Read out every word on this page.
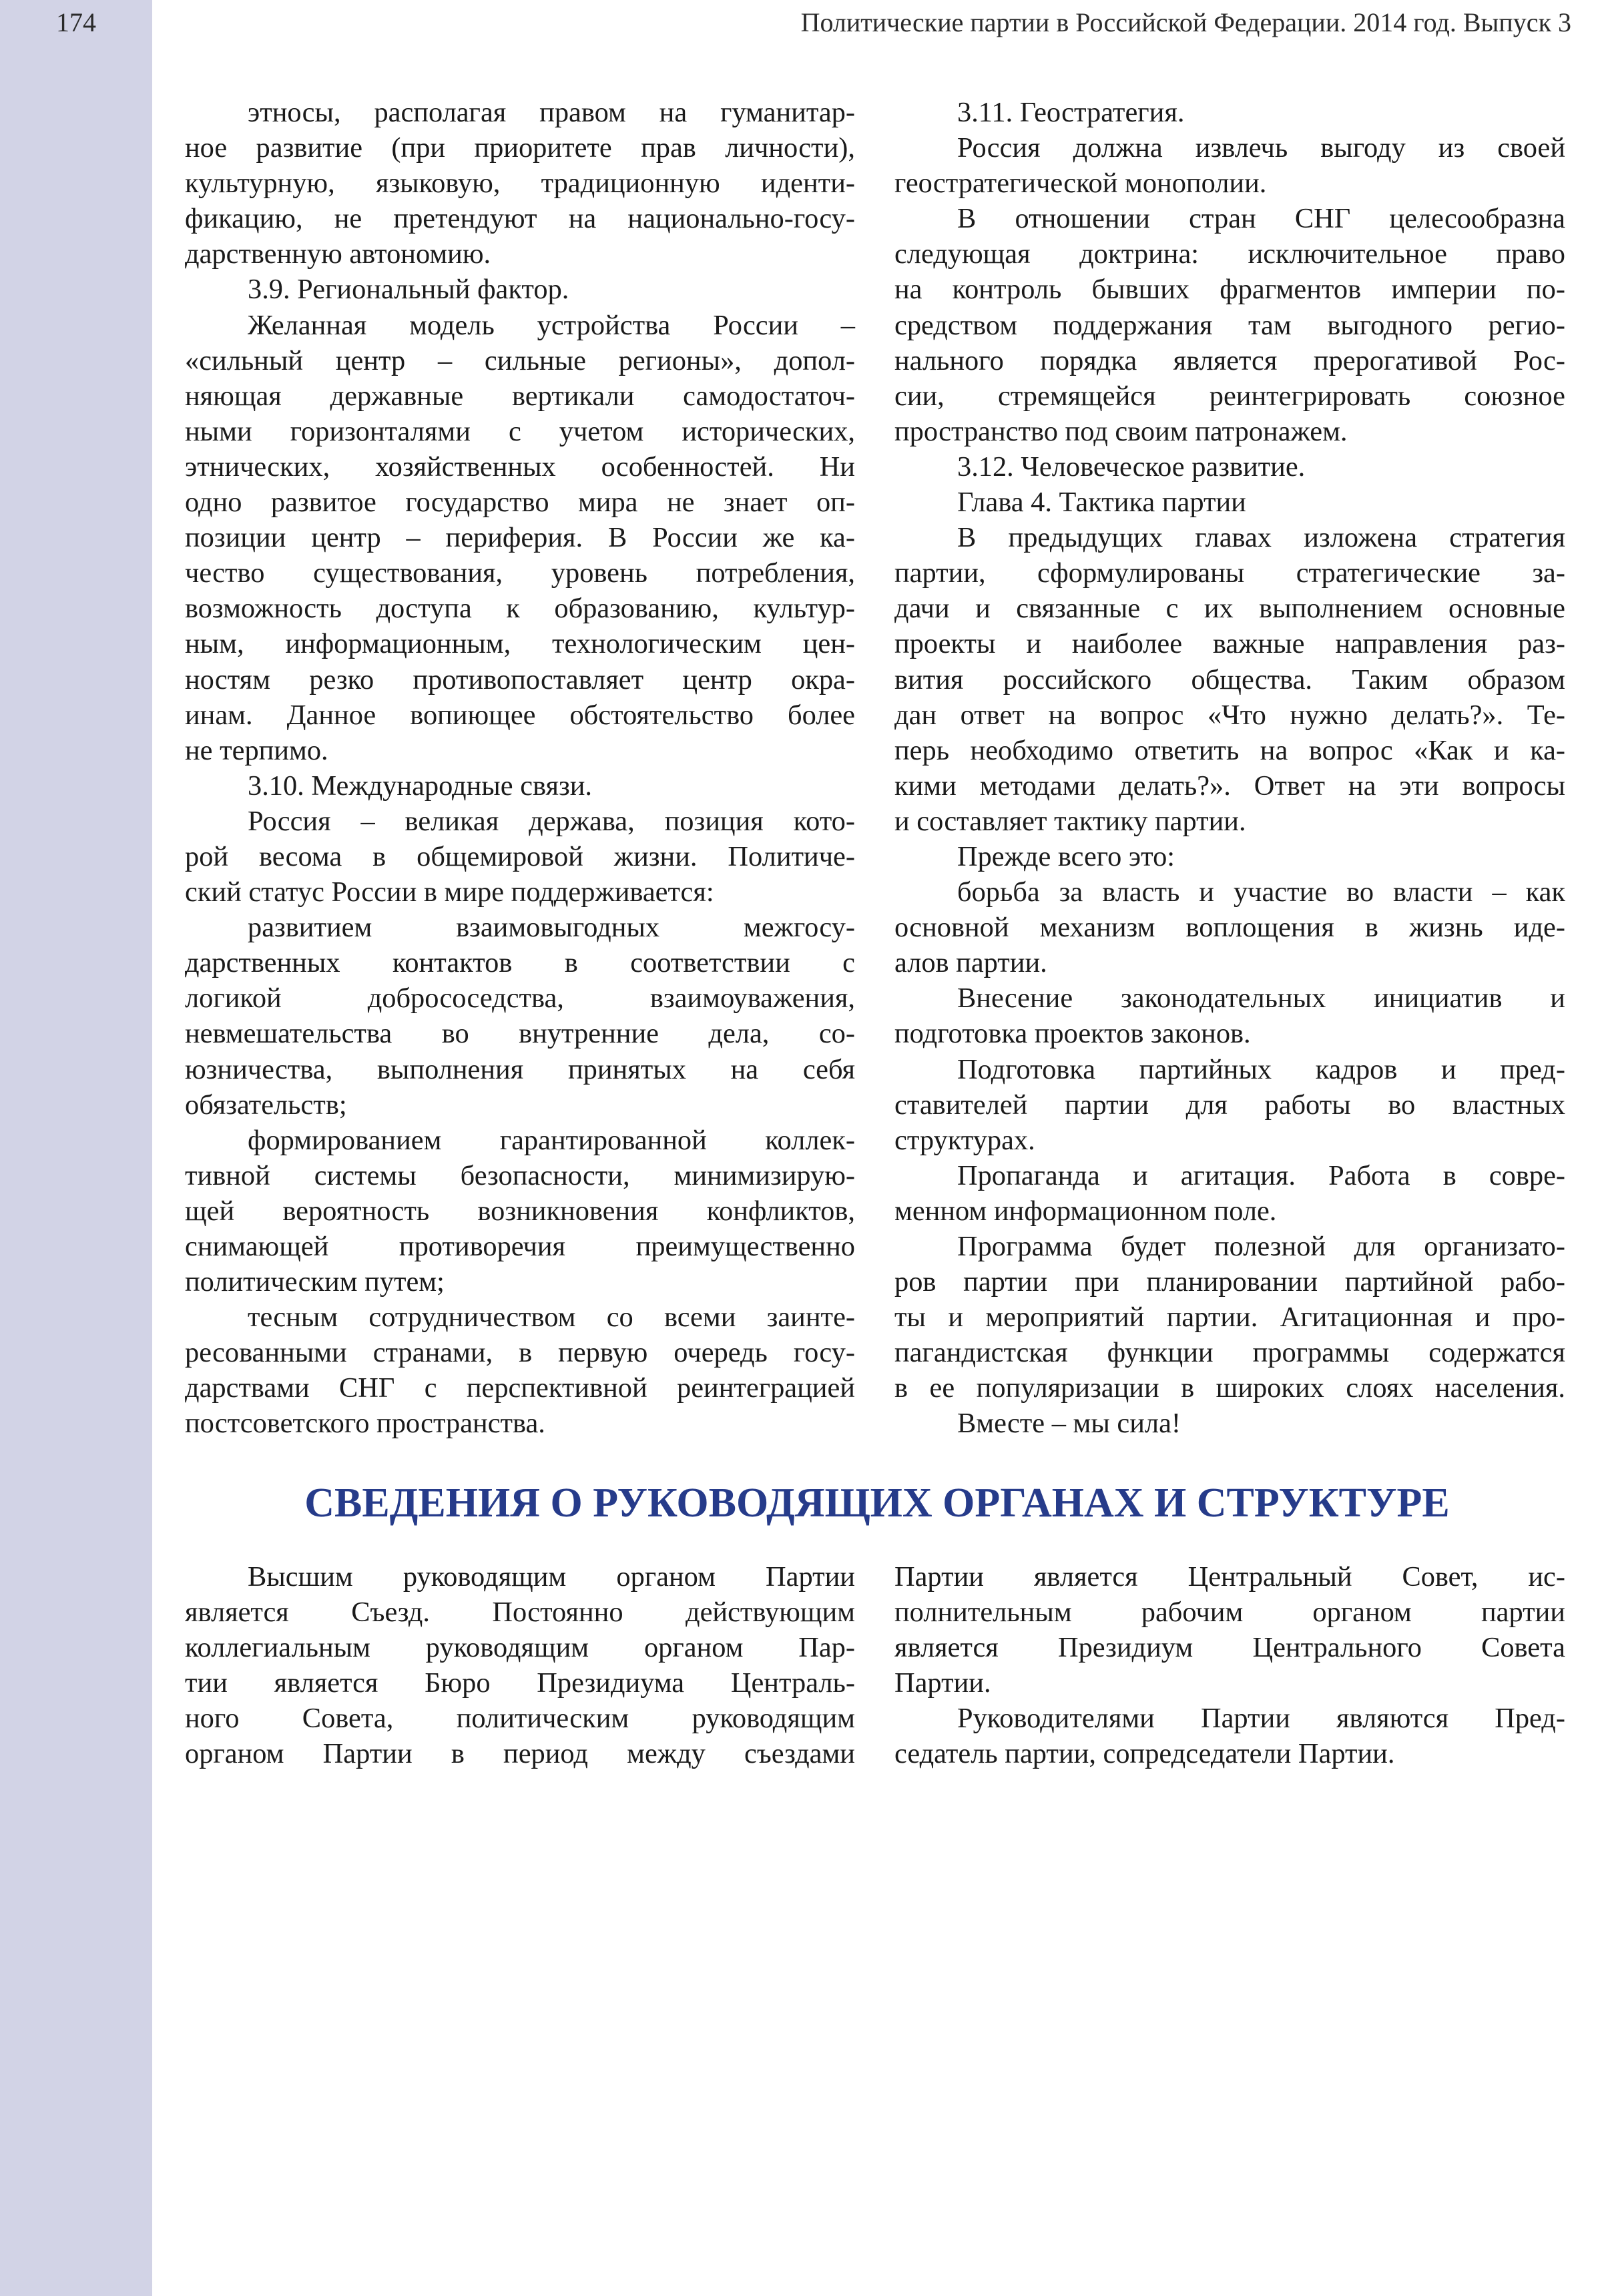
174	Политические партии в Российской Федерации. 2014 год. Выпуск 3

этносы, располагая правом на гуманитар-

ное развитие (при приоритете прав личности),

культурную, языковую, традиционную иденти-

фикацию, не претендуют на национально-госу-

дарственную автономию.

3.9. Региональный фактор.

Желанная модель устройства России –

«сильный центр – сильные регионы», допол-

няющая державные вертикали самодостаточ-

ными горизонталями с учетом исторических,

этнических, хозяйственных особенностей. Ни

одно развитое государство мира не знает оп-

позиции центр – периферия. В России же ка-

чество существования, уровень потребления,

возможность доступа к образованию, культур-

ным, информационным, технологическим цен-

ностям резко противопоставляет центр окра-

инам. Данное вопиющее обстоятельство более

не терпимо.

3.10. Международные связи.

Россия – великая держава, позиция кото-

рой весома в общемировой жизни. Политиче-

ский статус России в мире поддерживается:

развитием взаимовыгодных межгосу-

дарственных контактов в соответствии с

логикой добрососедства, взаимоуважения,

невмешательства во внутренние дела, со-

юзничества, выполнения принятых на себя

обязательств;

формированием гарантированной коллек-

тивной системы безопасности, минимизирую-

щей вероятность возникновения конфликтов,

снимающей противоречия преимущественно

политическим путем;

тесным сотрудничеством со всеми заинте-

ресованными странами, в первую очередь госу-

дарствами СНГ с перспективной реинтеграцией

постсоветского пространства.

3.11. Геостратегия.

Россия должна извлечь выгоду из своей

геостратегической монополии.

В отношении стран СНГ целесообразна

следующая доктрина: исключительное право

на контроль бывших фрагментов империи по-

средством поддержания там выгодного регио-

нального порядка является прерогативой Рос-

сии, стремящейся реинтегрировать союзное

пространство под своим патронажем.

3.12. Человеческое развитие.

Глава 4. Тактика партии

В предыдущих главах изложена стратегия

партии, сформулированы стратегические за-

дачи и связанные с их выполнением основные

проекты и наиболее важные направления раз-

вития российского общества. Таким образом

дан ответ на вопрос «Что нужно делать?». Те-

перь необходимо ответить на вопрос «Как и ка-

кими методами делать?». Ответ на эти вопросы

и составляет тактику партии.

Прежде всего это:

борьба за власть и участие во власти – как

основной механизм воплощения в жизнь иде-

алов партии.

Внесение законодательных инициатив и

подготовка проектов законов.

Подготовка партийных кадров и пред-

ставителей партии для работы во властных

структурах.

Пропаганда и агитация. Работа в совре-

менном информационном поле.

Программа будет полезной для организато-

ров партии при планировании партийной рабо-

ты и мероприятий партии. Агитационная и про-

пагандистская функции программы содержатся

в ее популяризации в широких слоях населения.

Вместе – мы сила!

СВЕДЕНИЯ О РУКОВОДЯЩИХ ОРГАНАХ И СТРУКТУРЕ

Высшим руководящим органом Партии

является Съезд. Постоянно действующим

коллегиальным руководящим органом Пар-

тии является Бюро Президиума Централь-

ного Совета, политическим руководящим

органом Партии в период между съездами

Партии является Центральный Совет, ис-

полнительным рабочим органом партии

является Президиум Центрального Совета

Партии.

Руководителями Партии являются Пред-

седатель партии, сопредседатели Партии.
